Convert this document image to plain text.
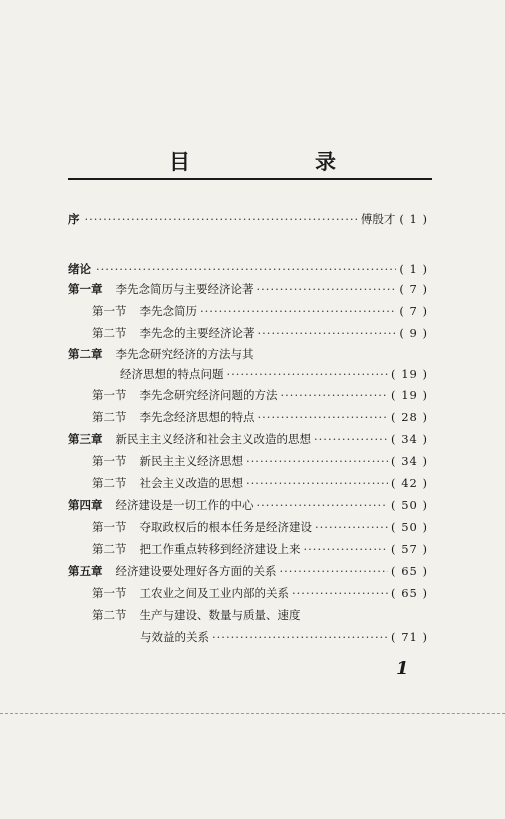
目　录
序 ·····	傅殷才	( 1 )
绪论 ·····	( 1 )
第一章 李先念简历与主要经济论著 ·····	( 7 )
第一节 李先念简历 ·····	( 7 )
第二节 李先念的主要经济论著 ·····	( 9 )
第二章 李先念研究经济的方法与其
经济思想的特点问题 ·····	( 19 )
第一节 李先念研究经济问题的方法 ·····	( 19 )
第二节 李先念经济思想的特点 ·····	( 28 )
第三章 新民主主义经济和社会主义改造的思想 ·····	( 34 )
第一节 新民主主义经济思想 ·····	( 34 )
第二节 社会主义改造的思想 ·····	( 42 )
第四章 经济建设是一切工作的中心 ·····	( 50 )
第一节 夺取政权后的根本任务是经济建设 ·····	( 50 )
第二节 把工作重点转移到经济建设上来 ·····	( 57 )
第五章 经济建设要处理好各方面的关系 ·····	( 65 )
第一节 工农业之间及工业内部的关系 ·····	( 65 )
第二节 生产与建设、数量与质量、速度
与效益的关系 ·····	( 71 )
1
